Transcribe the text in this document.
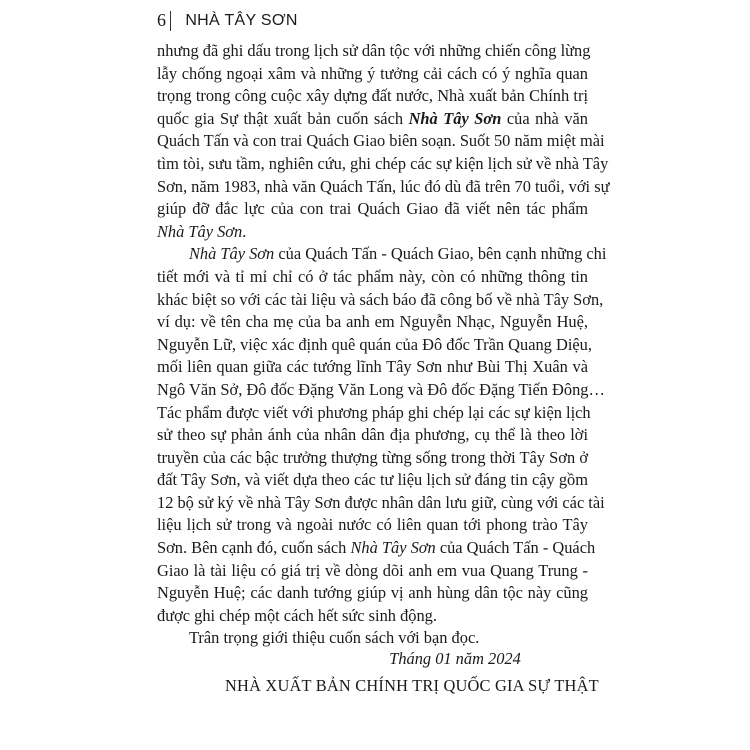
6 NHÀ TÂY SƠN
nhưng đã ghi dấu trong lịch sử dân tộc với những chiến công lừng
lẫy chống ngoại xâm và những ý tưởng cải cách có ý nghĩa quan
trọng trong công cuộc xây dựng đất nước, Nhà xuất bản Chính trị
quốc gia Sự thật xuất bản cuốn sách Nhà Tây Sơn của nhà văn
Quách Tấn và con trai Quách Giao biên soạn. Suốt 50 năm miệt mài
tìm tòi, sưu tầm, nghiên cứu, ghi chép các sự kiện lịch sử về nhà Tây
Sơn, năm 1983, nhà văn Quách Tấn, lúc đó dù đã trên 70 tuổi, với sự
giúp đỡ đắc lực của con trai Quách Giao đã viết nên tác phẩm
Nhà Tây Sơn.
Nhà Tây Sơn của Quách Tấn - Quách Giao, bên cạnh những chi
tiết mới và tỉ mỉ chỉ có ở tác phẩm này, còn có những thông tin
khác biệt so với các tài liệu và sách báo đã công bố về nhà Tây Sơn,
ví dụ: về tên cha mẹ của ba anh em Nguyễn Nhạc, Nguyễn Huệ,
Nguyễn Lữ, việc xác định quê quán của Đô đốc Trần Quang Diệu,
mối liên quan giữa các tướng lĩnh Tây Sơn như Bùi Thị Xuân và
Ngô Văn Sở, Đô đốc Đặng Văn Long và Đô đốc Đặng Tiến Đông…
Tác phẩm được viết với phương pháp ghi chép lại các sự kiện lịch
sử theo sự phản ánh của nhân dân địa phương, cụ thể là theo lời
truyền của các bậc trưởng thượng từng sống trong thời Tây Sơn ở
đất Tây Sơn, và viết dựa theo các tư liệu lịch sử đáng tin cậy gồm
12 bộ sử ký về nhà Tây Sơn được nhân dân lưu giữ, cùng với các tài
liệu lịch sử trong và ngoài nước có liên quan tới phong trào Tây
Sơn. Bên cạnh đó, cuốn sách Nhà Tây Sơn của Quách Tấn - Quách
Giao là tài liệu có giá trị về dòng dõi anh em vua Quang Trung -
Nguyễn Huệ; các danh tướng giúp vị anh hùng dân tộc này cũng
được ghi chép một cách hết sức sinh động.
Trân trọng giới thiệu cuốn sách với bạn đọc.
Tháng 01 năm 2024
NHÀ XUẤT BẢN CHÍNH TRỊ QUỐC GIA SỰ THẬT
